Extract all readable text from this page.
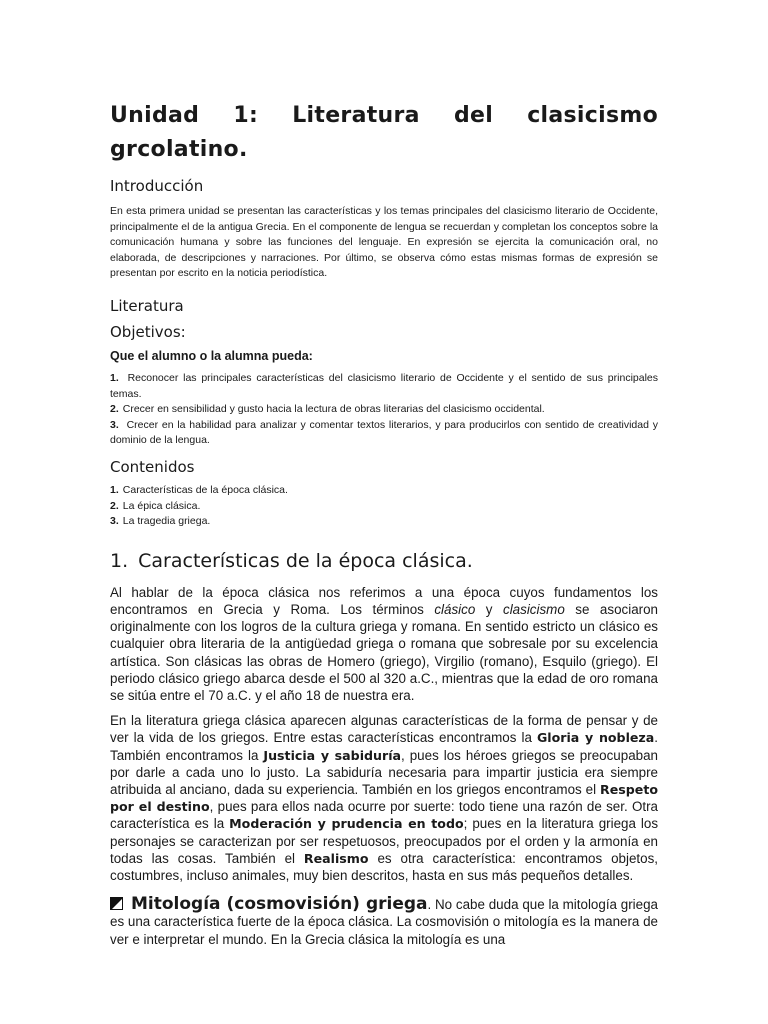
Unidad 1: Literatura del clasicismo
grcolatino.
Introducción

En esta primera unidad se presentan las características y los temas principales del clasicismo literario de Occidente, principalmente el de la antigua Grecia. En el componente de lengua se recuerdan y completan los conceptos sobre la comunicación humana y sobre las funciones del lenguaje. En expresión se ejercita la comunicación oral, no elaborada, de descripciones y narraciones. Por último, se observa cómo estas mismas formas de expresión se presentan por escrito en la noticia periodística.

Literatura
Objetivos:

Que el alumno o la alumna pueda:

1. Reconocer las principales características del clasicismo literario de Occidente y el sentido de sus principales temas.
2. Crecer en sensibilidad y gusto hacia la lectura de obras literarias del clasicismo occidental.
3. Crecer en la habilidad para analizar y comentar textos literarios, y para producirlos con sentido de creatividad y dominio de la lengua.
Contenidos
1. Características de la época clásica.
2. La épica clásica.
3. La tragedia griega.
1. Características de la época clásica.

Al hablar de la época clásica nos referimos a una época cuyos fundamentos los encontramos en Grecia y Roma. Los términos clásico y clasicismo se asociaron originalmente con los logros de la cultura griega y romana. En sentido estricto un clásico es cualquier obra literaria de la antigüedad griega o romana que sobresale por su excelencia artística. Son clásicas las obras de Homero (griego), Virgilio (romano), Esquilo (griego). El periodo clásico griego abarca desde el 500 al 320 a.C., mientras que la edad de oro romana se sitúa entre el 70 a.C. y el año 18 de nuestra era.

En la literatura griega clásica aparecen algunas características de la forma de pensar y de ver la vida de los griegos. Entre estas características encontramos la Gloria y nobleza. También encontramos la Justicia y sabiduría, pues los héroes griegos se preocupaban por darle a cada uno lo justo. La sabiduría necesaria para impartir justicia era siempre atribuida al anciano, dada su experiencia. También en los griegos encontramos el Respeto por el destino, pues para ellos nada ocurre por suerte: todo tiene una razón de ser. Otra característica es la Moderación y prudencia en todo; pues en la literatura griega los personajes se caracterizan por ser respetuosos, preocupados por el orden y la armonía en todas las cosas. También el Realismo es otra característica: encontramos objetos, costumbres, incluso animales, muy bien descritos, hasta en sus más pequeños detalles.

Mitología (cosmovisión) griega. No cabe duda que la mitología griega es una característica fuerte de la época clásica. La cosmovisión o mitología es la manera de ver e interpretar el mundo. En la Grecia clásica la mitología es una
